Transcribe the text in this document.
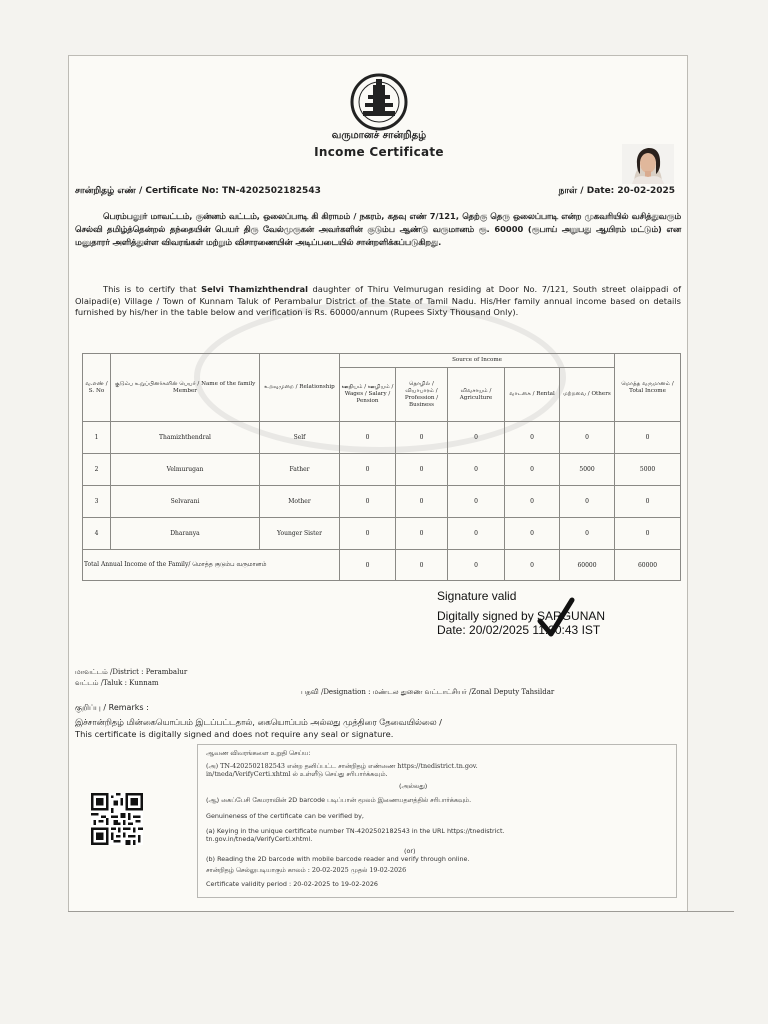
வருமானச் சான்றிதழ்
Income Certificate
சான்றிதழ் எண் / Certificate No: TN-4202502182543	நாள் / Date: 20-02-2025
பெரம்பலூர் மாவட்டம், குன்னம் வட்டம், ஒலைப்பாடி கி கிராமம் / நகரம், கதவு எண் 7/121, தெற்கு தெரு ஒலைப்பாடி என்ற முகவரியில் வசித்துவரும் செல்வி தமிழ்த்தென்றல் தந்தையின் பெயர் திரு வேல்முருகன் அவர்களின் குடும்ப ஆண்டு வருமானம் ரூ. 60000 (ரூபாய் அறுபது ஆயிரம் மட்டும்) என மனுதாரர் அளித்துள்ள விவரங்கள் மற்றும் விசாரணையின் அடிப்படையில் சான்றளிக்கப்படுகிறது.
This is to certify that Selvi Thamizhthendral daughter of Thiru Velmurugan residing at Door No. 7/121, South street olaippadi of Olaipadi(e) Village / Town of Kunnam Taluk of Perambalur District of the State of Tamil Nadu. His/Her family annual income based on details furnished by his/her in the table below and verification is Rs. 60000/annum (Rupees Sixty Thousand Only).
வ.எண் / S. No	குடும்ப உறுப்பினர்களின் பெயர் / Name of the family Member	உறவுமுறை / Relationship	Source of Income					மொத்த வருமானம் / Total Income
			ஊதியம் / ஊழியம் / Wages / Salary / Pension	தொழில் / வியாபாரம் / Profession / Business	விவசாயம் / Agriculture	வாடகை / Rental	மற்றவை / Others	
1	Thamizhthendral	Self	0	0	0	0	0	0
2	Velmurugan	Father	0	0	0	0	5000	5000
3	Selvarani	Mother	0	0	0	0	0	0
4	Dharanya	Younger Sister	0	0	0	0	0	0
Total Annual Income of the Family/ மொத்த குடும்ப வருமானம்			0	0	0	0	60000	60000
Signature valid
Digitally signed by SARGUNAN
Date: 20/02/2025 11:30:43 IST
மாவட்டம் /District : Perambalur
வட்டம் /Taluk : Kunnam
பதவி /Designation : மண்டல துணை வட்டாட்சியர் /Zonal Deputy Tahsildar
குறிப்பு / Remarks :
இச்சான்றிதழ் மின்கையொப்பம் இடப்பட்டதால், கையொப்பம் அல்லது முத்திரை தேவையில்லை /
This certificate is digitally signed and does not require any seal or signature.
ஆவண விவரங்களை உறுதி செய்ய:
(அ) TN-4202502182543 என்ற தனிப்பட்ட சான்றிதழ் எண்ணை https://tnedistrict.tn.gov.
in/tneda/VerifyCerti.xhtml ல் உள்ளீடு செய்து சரிபார்க்கவும்.
(அல்லது)
(ஆ) கைப்பேசி கேமராவின் 2D barcode படிப்பான் மூலம் இணையதளத்தில் சரிபார்க்கவும்.
Genuineness of the certificate can be verified by,
(a) Keying in the unique certificate number TN-4202502182543 in the URL https://tnedistrict.
tn.gov.in/tneda/VerifyCerti.xhtml.
(or)
(b) Reading the 2D barcode with mobile barcode reader and verify through online.
சான்றிதழ் செல்லுபடியாகும் காலம் : 20-02-2025 முதல் 19-02-2026
Certificate validity period : 20-02-2025 to 19-02-2026
